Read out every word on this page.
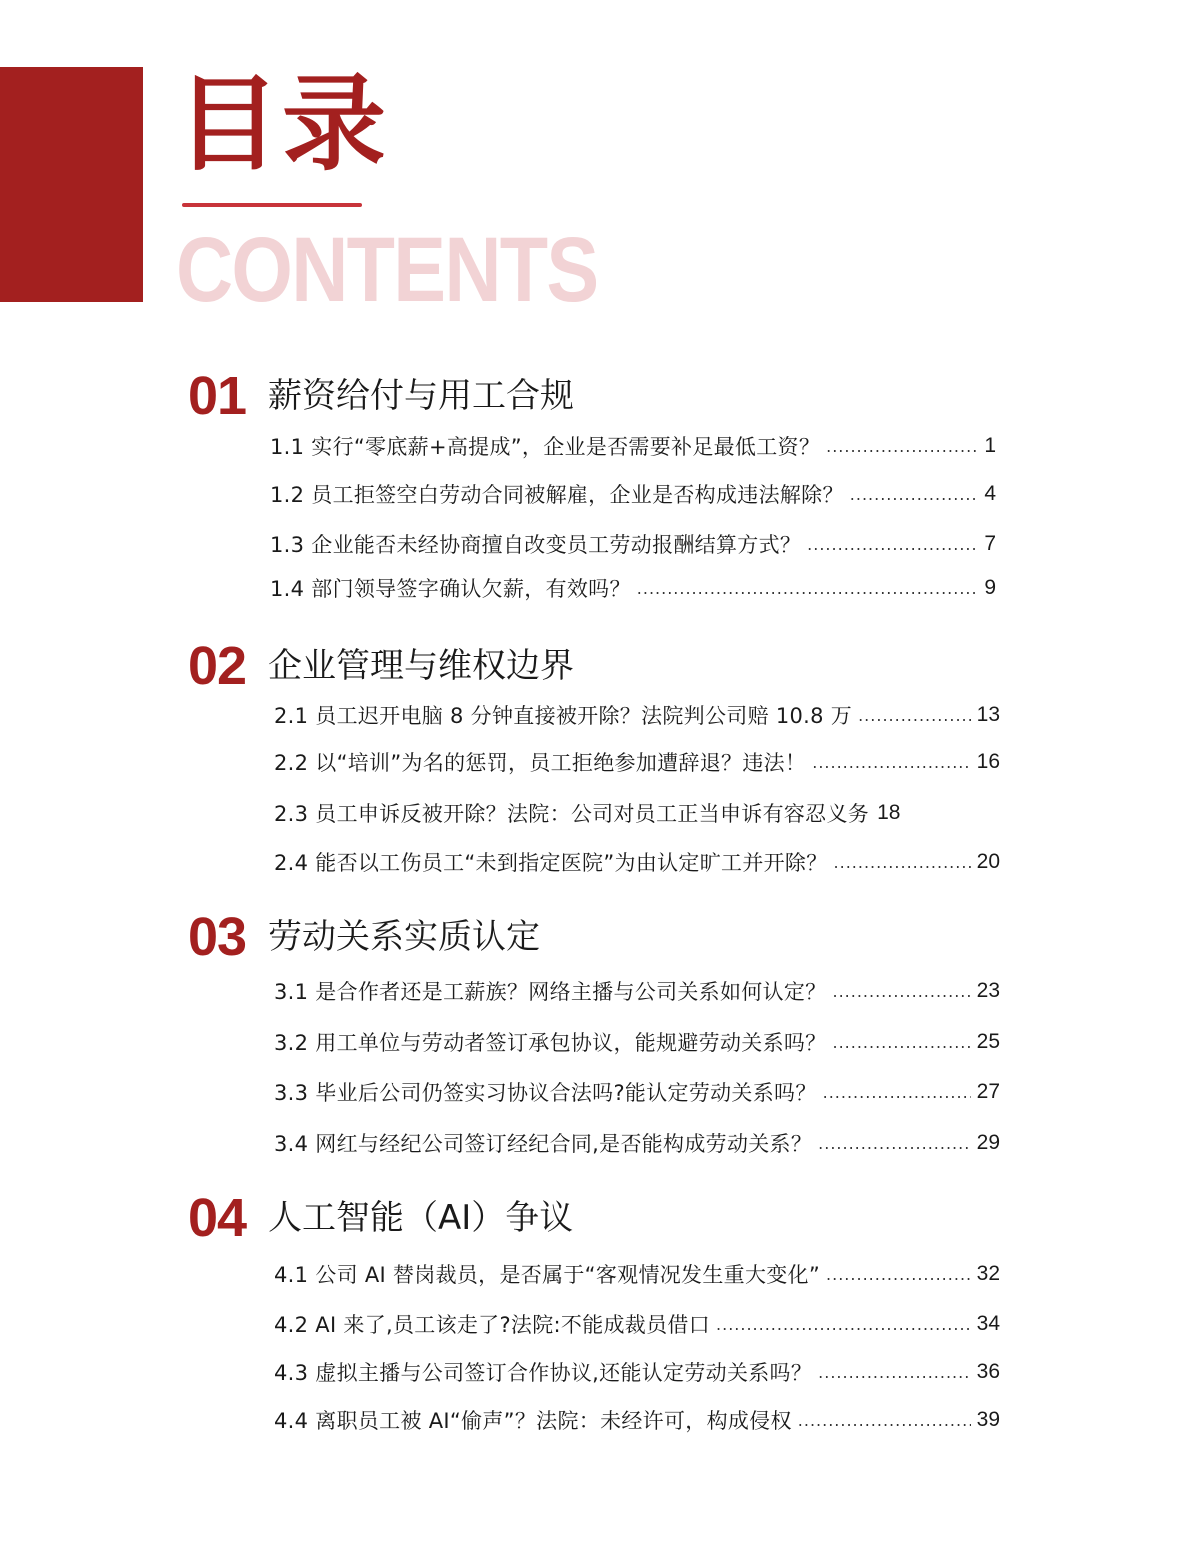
目录
CONTENTS
01 薪资给付与用工合规
1.1 实行“零底薪+高提成”，企业是否需要补足最低工资？ .....	1
1.2 员工拒签空白劳动合同被解雇，企业是否构成违法解除？ .....	4
1.3 企业能否未经协商擅自改变员工劳动报酬结算方式？ .....	7
1.4 部门领导签字确认欠薪，有效吗？ .....	9
02 企业管理与维权边界
2.1 员工迟开电脑 8 分钟直接被开除？法院判公司赔 10.8 万 .....	13
2.2 以“培训”为名的惩罚，员工拒绝参加遭辞退？违法！ .....	16
2.3 员工申诉反被开除？法院：公司对员工正当申诉有容忍义务 18
2.4 能否以工伤员工“未到指定医院”为由认定旷工并开除？ .....	20
03 劳动关系实质认定
3.1 是合作者还是工薪族？网络主播与公司关系如何认定？ .....	23
3.2 用工单位与劳动者签订承包协议，能规避劳动关系吗？ .....	25
3.3 毕业后公司仍签实习协议合法吗?能认定劳动关系吗？ .....	27
3.4 网红与经纪公司签订经纪合同,是否能构成劳动关系？ .....	29
04 人工智能（AI）争议
4.1 公司 AI 替岗裁员，是否属于“客观情况发生重大变化” .....	32
4.2 AI 来了,员工该走了?法院:不能成裁员借口 .....	34
4.3 虚拟主播与公司签订合作协议,还能认定劳动关系吗？ .....	36
4.4 离职员工被 AI“偷声”？法院：未经许可，构成侵权 .....	39
